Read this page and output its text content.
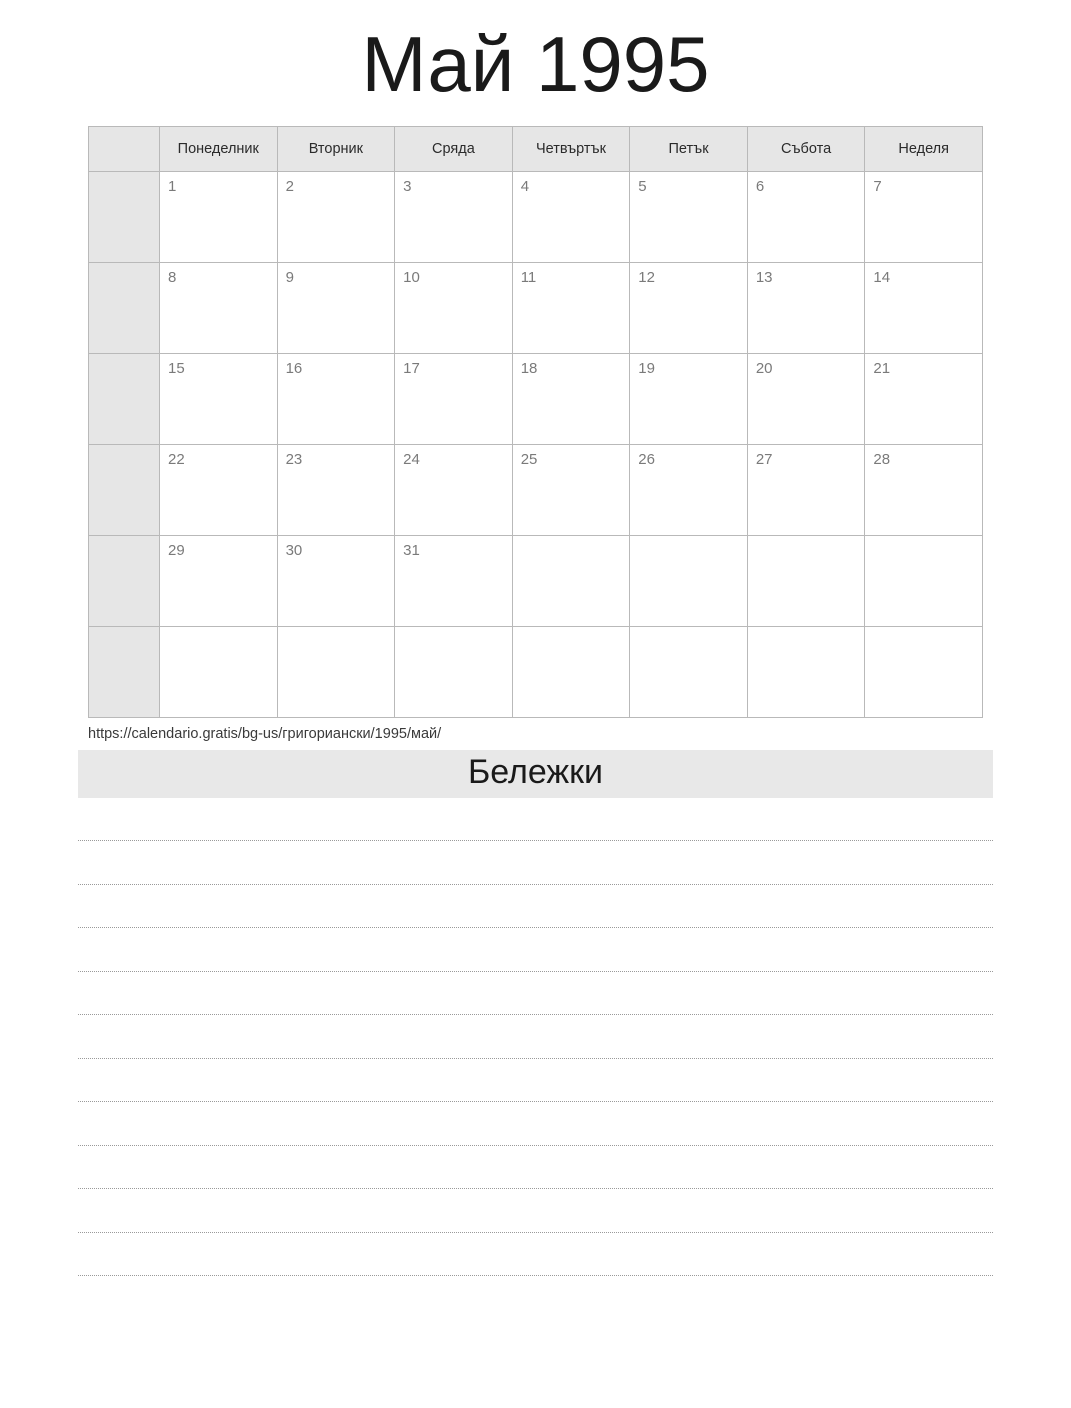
Май 1995
	Понеделник	Вторник	Сряда	Четвъртък	Петък	Събота	Неделя
	1	2	3	4	5	6	7
	8	9	10	11	12	13	14
	15	16	17	18	19	20	21
	22	23	24	25	26	27	28
	29	30	31				

https://calendario.gratis/bg-us/григориански/1995/май/
Бележки
